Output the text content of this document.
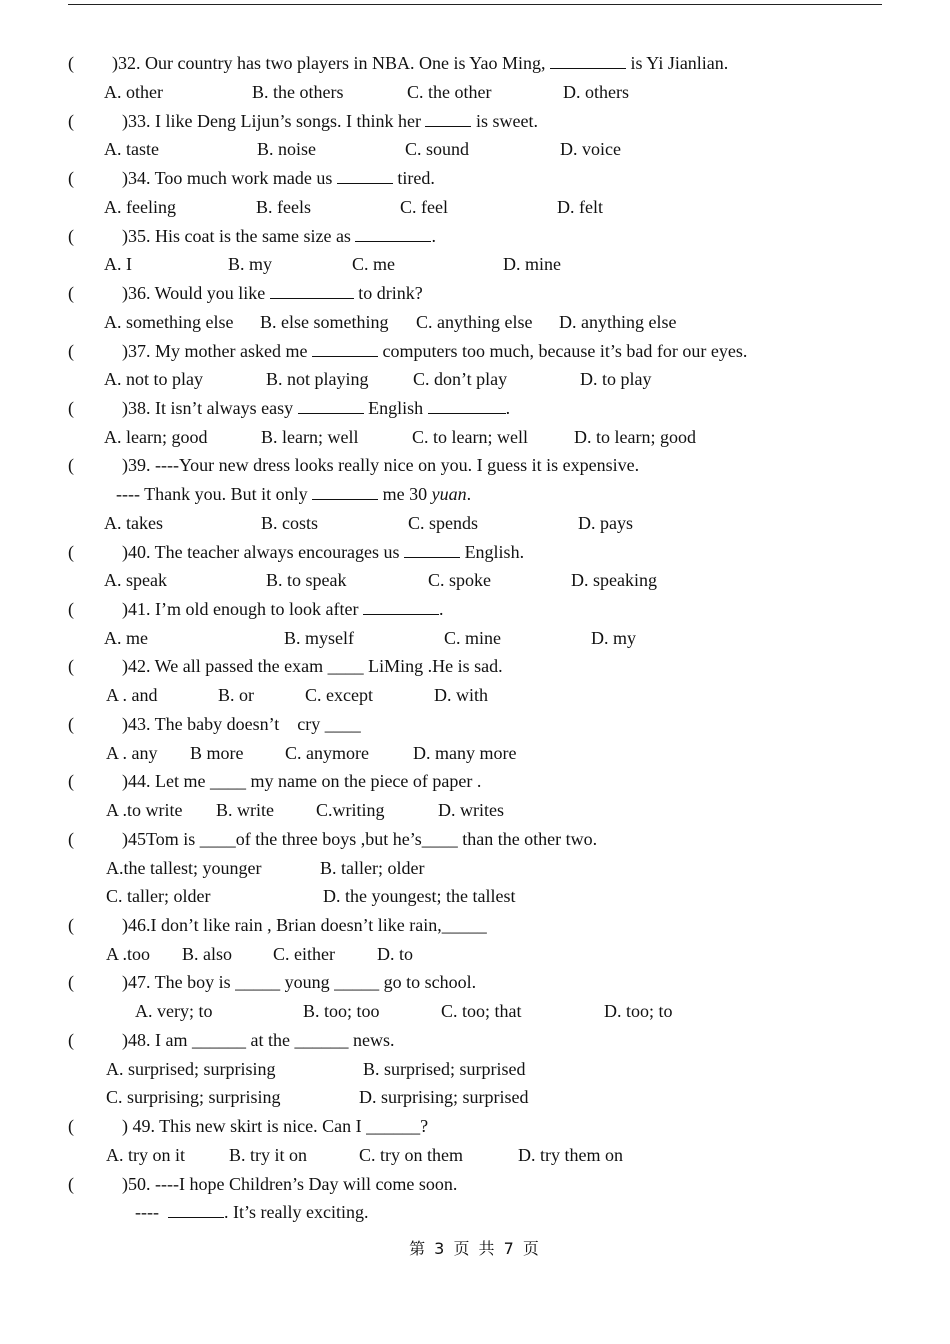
( )32. Our country has two players in NBA. One is Yao Ming,	is Yi Jianlian.
A. other	B. the others	C. the other	D. others
(	)33. I like Deng Lijun’s songs. I think her	is sweet.
A. taste	B. noise	C. sound	D. voice
(	)34. Too much work made us	tired.
A. feeling	B. feels	C. feel	D. felt
(	)35. His coat is the same size as	.
A. I	B. my	C. me	D. mine
(	)36. Would you like	to drink?
A. something else B. else something C. anything else D. anything else
(	)37. My mother asked me	computers too much, because it’s bad for our eyes.
A. not to play	B. not playing C. don’t play	D. to play
(	)38. It isn’t always easy	English	.
A. learn; good	B. learn; well	C. to learn; well	D. to learn; good
(	)39. ----Your new dress looks really nice on you. I guess it is expensive.
---- Thank you. But it only	me 30 yuan.
A. takes	B. costs	C. spends	D. pays
(	)40. The teacher always encourages us	English.
A. speak	B. to speak	C. spoke	D. speaking
(	)41. I’m old enough to look after	.
A. me	B. myself	C. mine	D. my
(	)42. We all passed the exam ____ LiMing .He is sad.
A . and	B. or	C. except	D. with
(	)43. The baby doesn’t    cry ____
A . any B more C. anymore D. many more
(	)44. Let me ____ my name on the piece of paper .
A .to write B. write C.writing	D. writes
(	)45Tom is ____of the three boys ,but he’s____ than the other two.
A.the tallest; younger	B. taller; older
C. taller; older	D. the youngest; the tallest
(	)46.I don’t like rain , Brian doesn’t like rain,_____
A .too B. also C. either D. to
(	)47. The boy is _____ young _____ go to school.
A. very; to	B. too; too	C. too; that	D. too; to
(	)48. I am ______ at the ______ news.
A. surprised; surprising	B. surprised; surprised
C. surprising; surprising	D. surprising; surprised
(	) 49. This new skirt is nice. Can I ______?
A. try on it B. try it on	C. try on them	D. try them on
(	)50. ----I hope Children’s Day will come soon.
----	. It’s really exciting.
第 3 页 共 7 页
